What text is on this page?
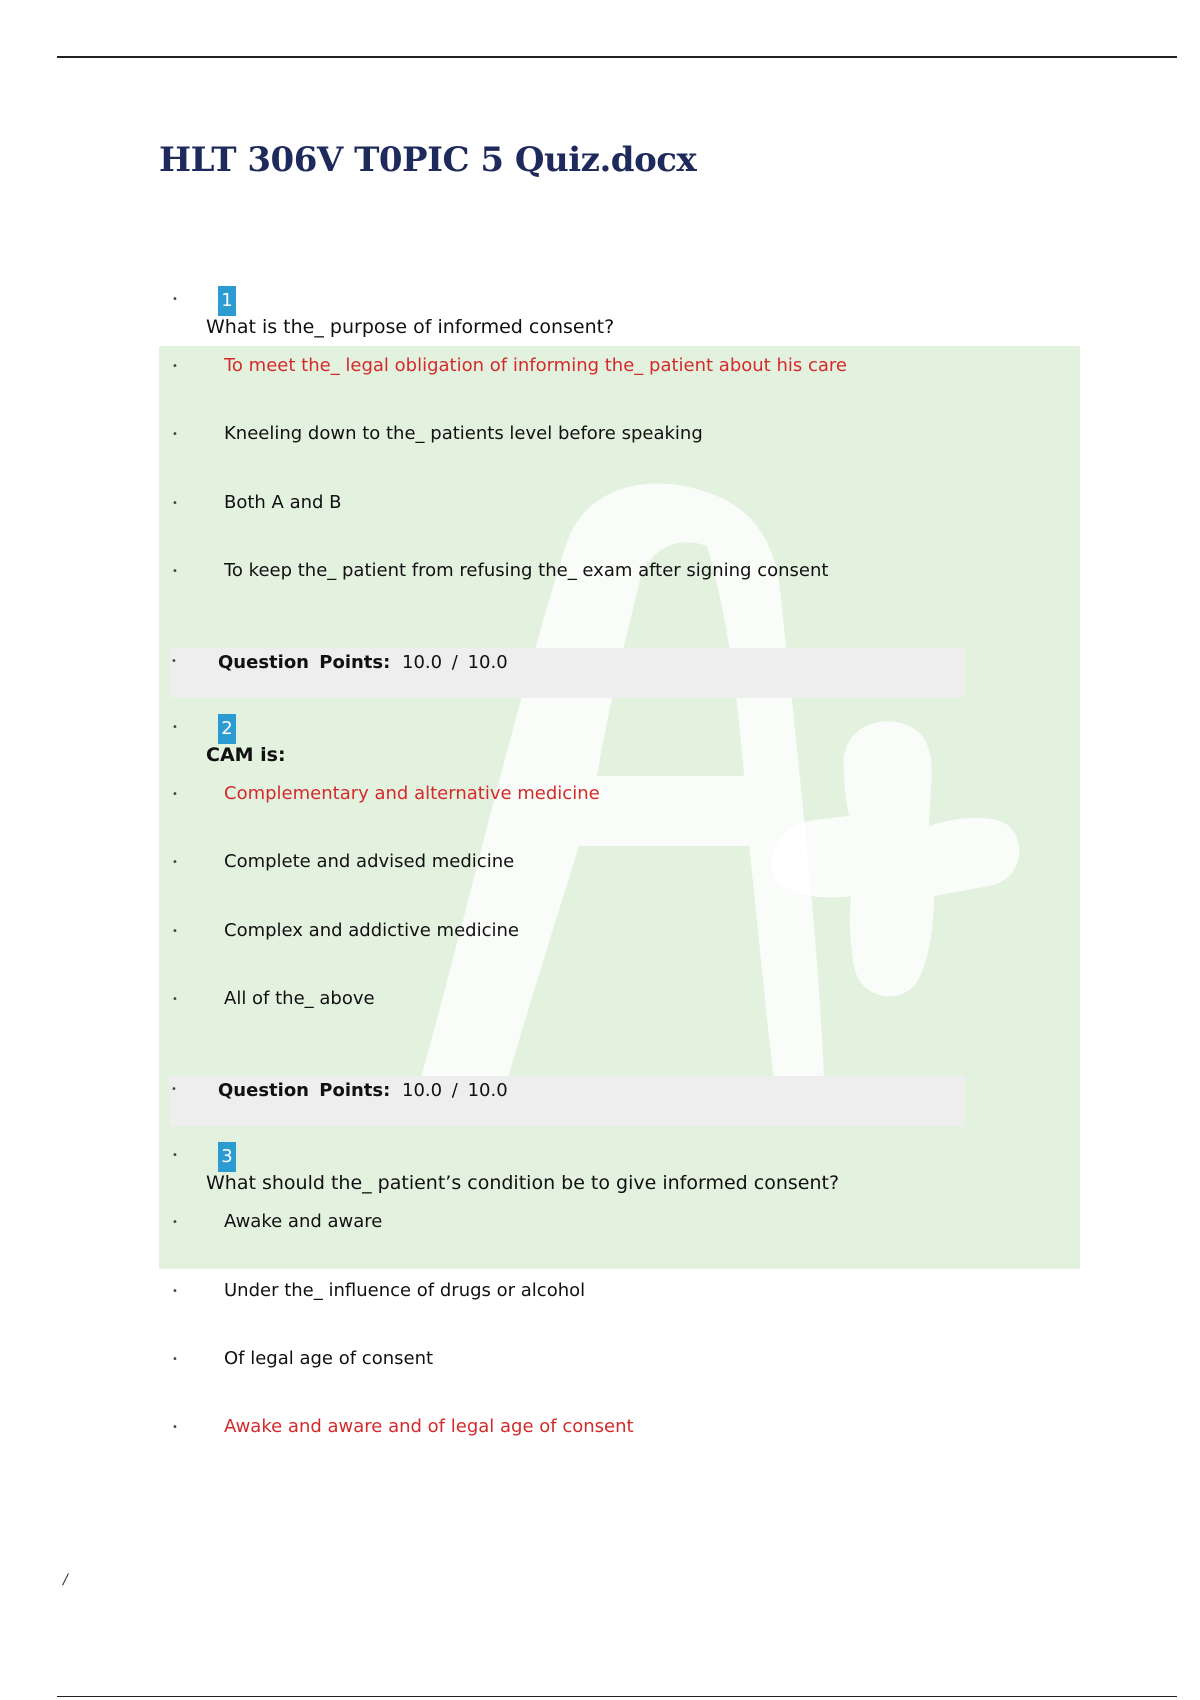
HLT 306V T0PIC 5 Quiz.docx
• 1
What is the_ purpose of informed consent?
•	To meet the_ legal obligation of informing the_ patient about his care
•	Kneeling down to the_ patients level before speaking
•	Both A and B
•	To keep the_ patient from refusing the_ exam after signing consent
• Question Points: 10.0 / 10.0
• 2
CAM is:
•	Complementary and alternative medicine
•	Complete and advised medicine
•	Complex and addictive medicine
•	All of the_ above
• Question Points: 10.0 / 10.0
• 3
What should the_ patient’s condition be to give informed consent?
•	Awake and aware
•	Under the_ influence of drugs or alcohol
•	Of legal age of consent
•	Awake and aware and of legal age of consent
/
